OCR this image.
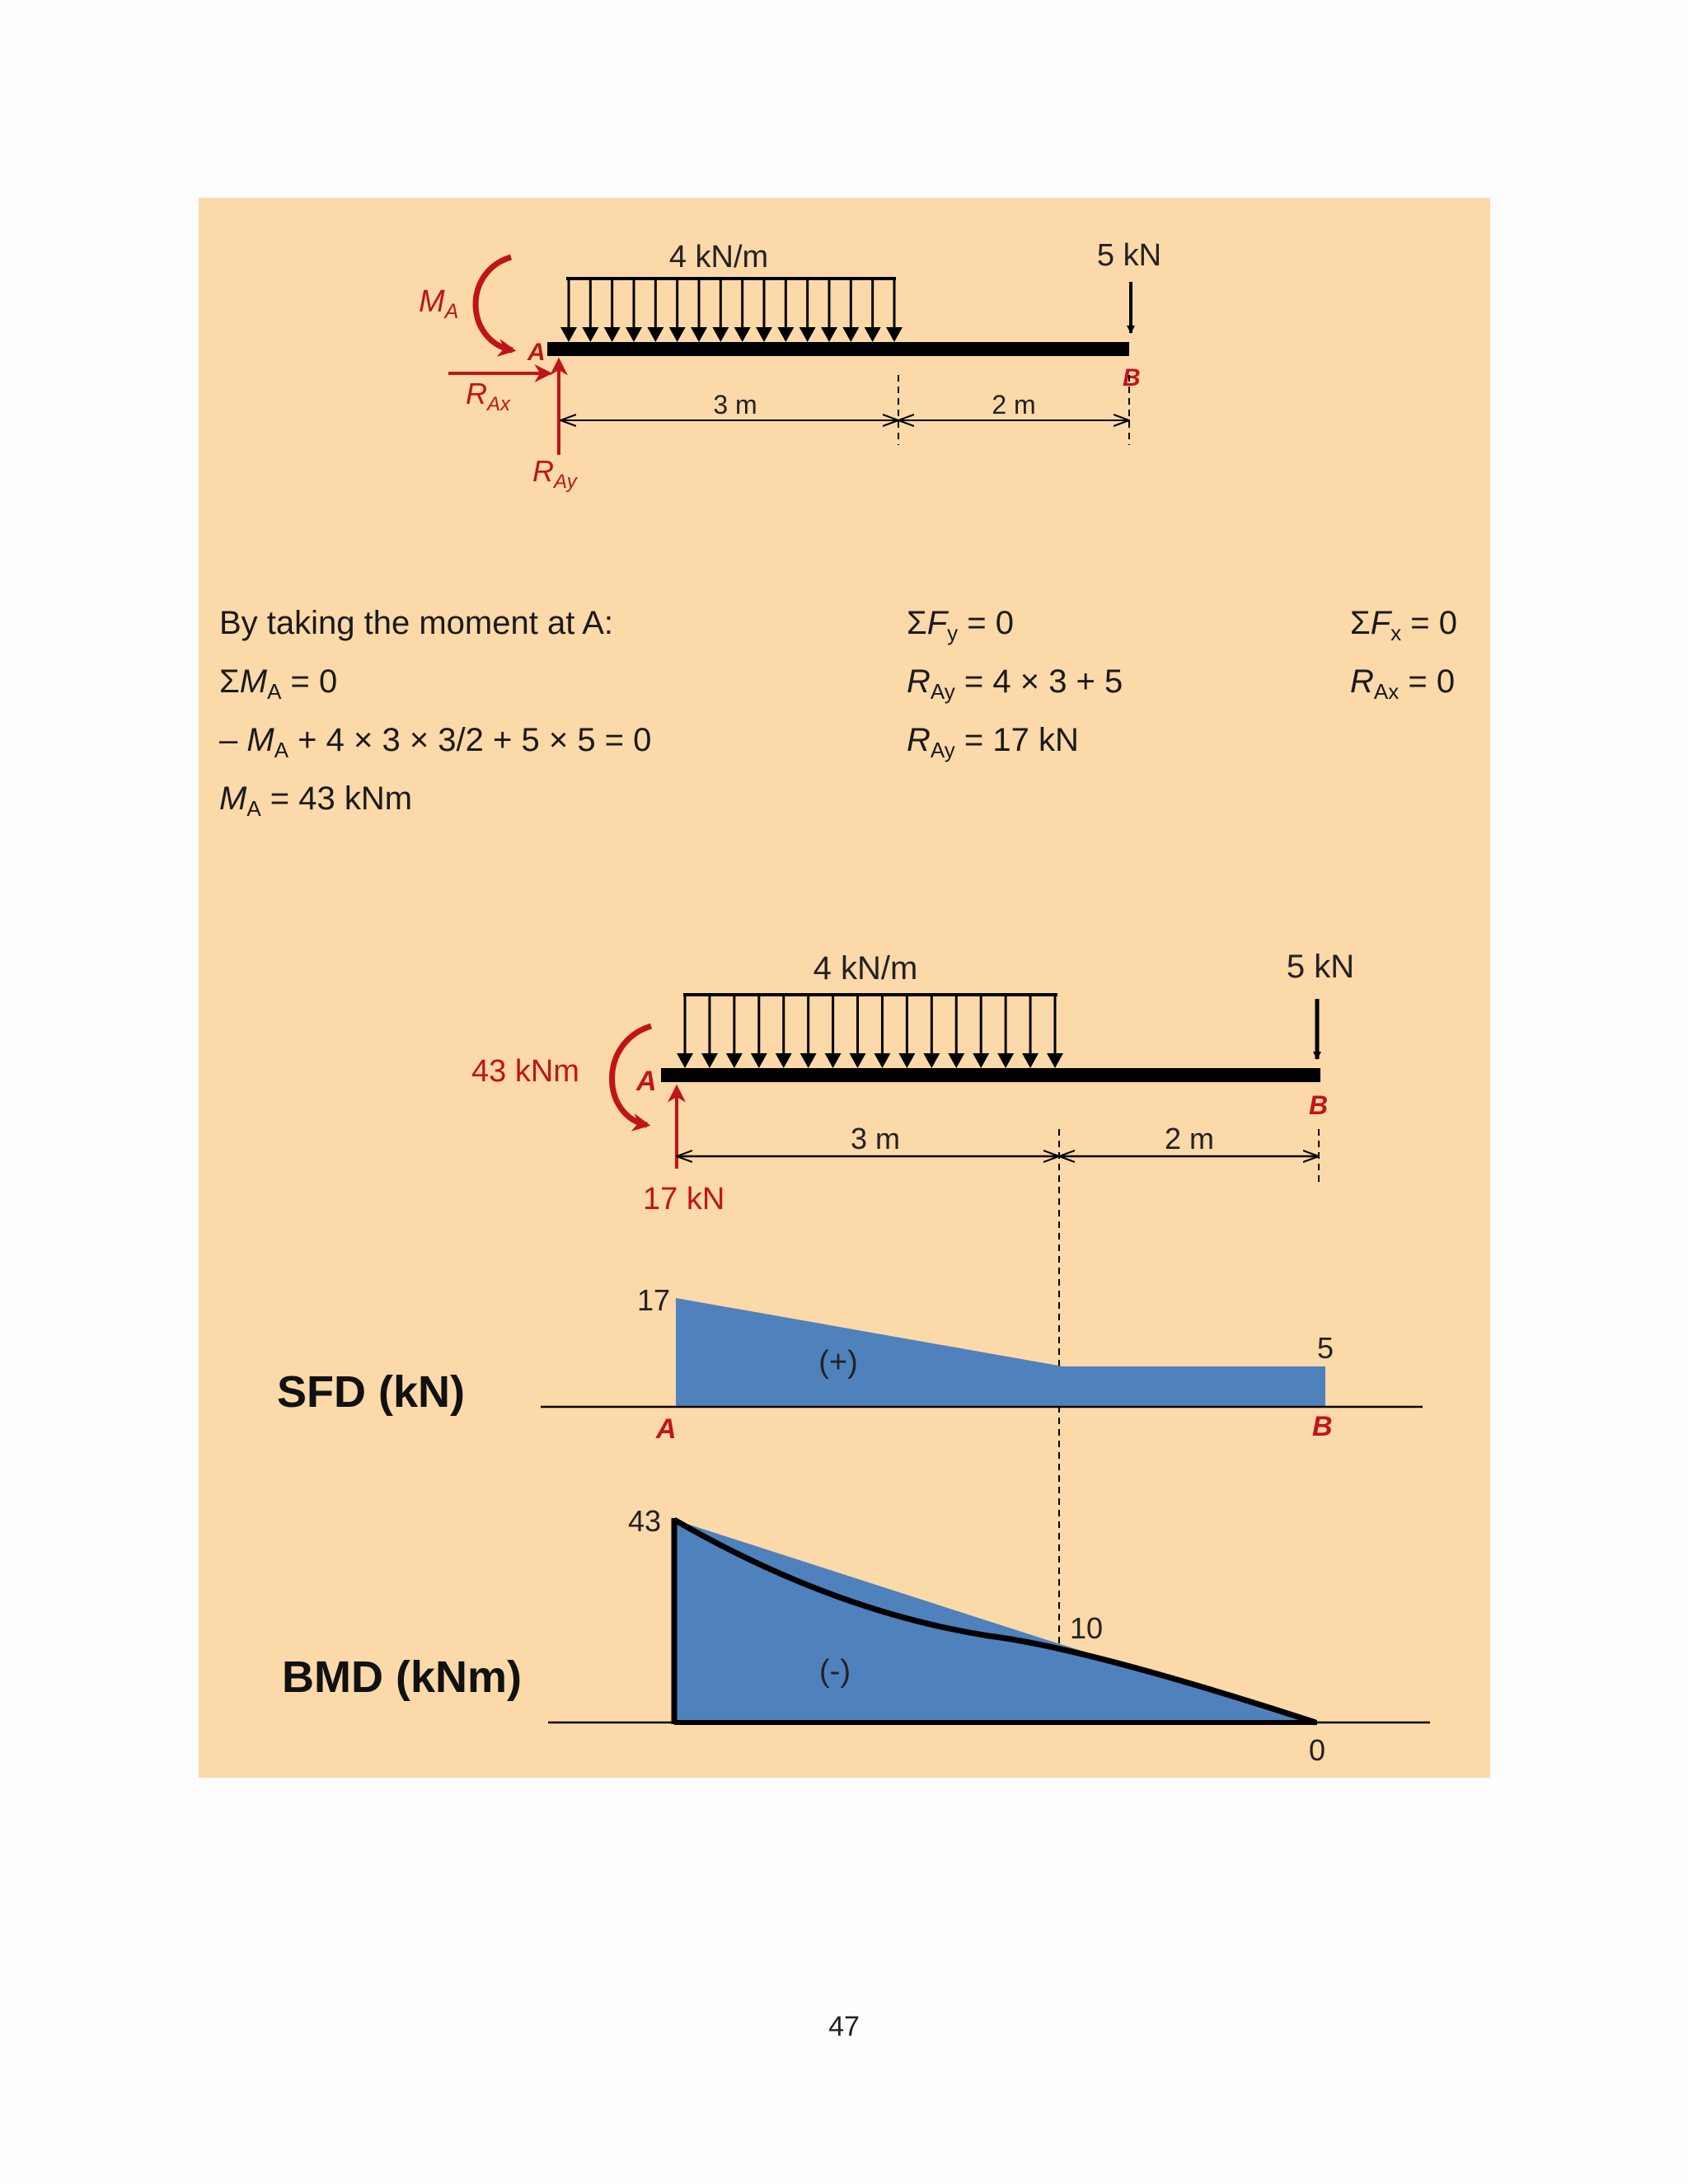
4 kN/m	5 kN
A
B
$M_A$
$R_{Ax}$
$R_{Ay}$
3 m	2 m
4 kN/m	5 kN
A
B
43 kNm
17 kN
3 m	2 m
SFD (kN)
(+)
17
5
A	B
BMD (kNm)	(-)
43
10
0
By taking the moment at A:
$\Sigma M_A = 0$
– $M_A + 4 \times 3 \times 3/2 + 5 \times 5 = 0$
$M_A = 43$ kNm
$\Sigma F_y = 0$
$R_{Ay} = 4 \times 3 + 5$
$R_{Ay} = 17$ kN
$\Sigma F_x = 0$
$R_{Ax} = 0$
47
